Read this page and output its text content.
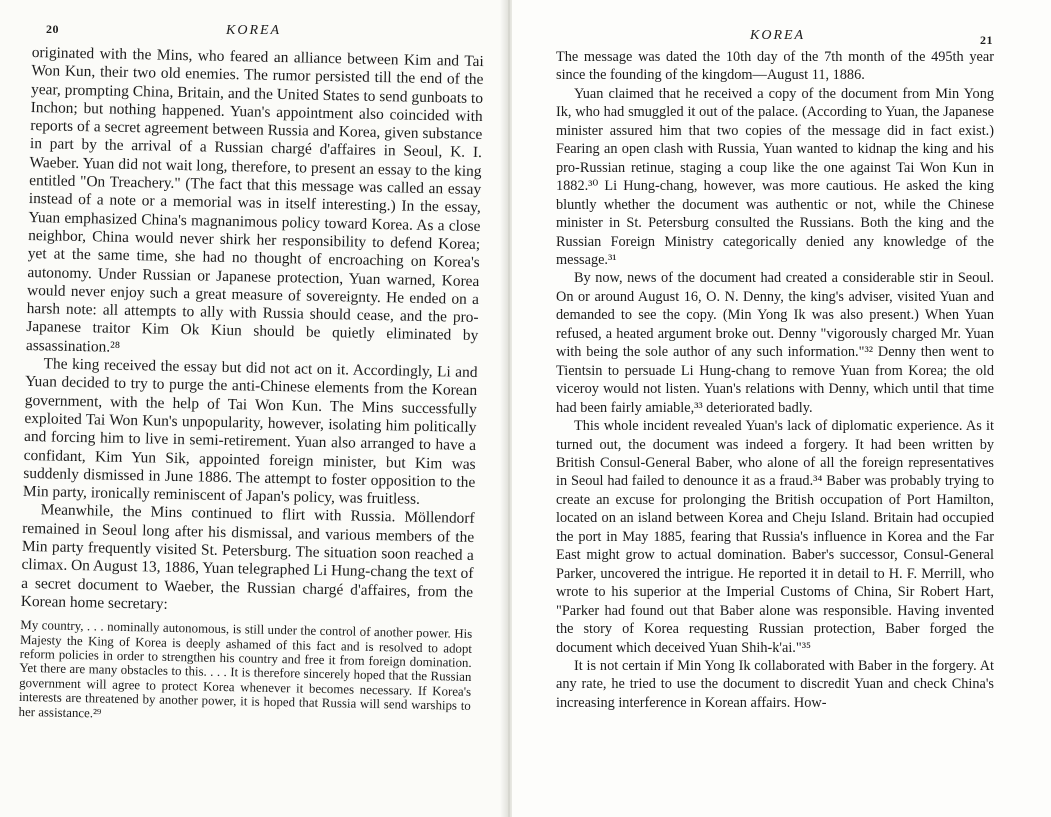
20	KOREA

originated with the Mins, who feared an alliance between Kim and Tai Won Kun, their two old enemies. The rumor persisted till the end of the year, prompting China, Britain, and the United States to send gunboats to Inchon; but nothing happened. Yuan's appointment also coincided with reports of a secret agreement between Russia and Korea, given substance in part by the arrival of a Russian chargé d'affaires in Seoul, K. I. Waeber. Yuan did not wait long, therefore, to present an essay to the king entitled "On Treachery." (The fact that this message was called an essay instead of a note or a memorial was in itself interesting.) In the essay, Yuan emphasized China's magnanimous policy toward Korea. As a close neighbor, China would never shirk her responsibility to defend Korea; yet at the same time, she had no thought of encroaching on Korea's autonomy. Under Russian or Japanese protection, Yuan warned, Korea would never enjoy such a great measure of sovereignty. He ended on a harsh note: all attempts to ally with Russia should cease, and the pro-Japanese traitor Kim Ok Kiun should be quietly eliminated by assassination.²⁸

The king received the essay but did not act on it. Accordingly, Li and Yuan decided to try to purge the anti-Chinese elements from the Korean government, with the help of Tai Won Kun. The Mins successfully exploited Tai Won Kun's unpopularity, however, isolating him politically and forcing him to live in semi-retirement. Yuan also arranged to have a confidant, Kim Yun Sik, appointed foreign minister, but Kim was suddenly dismissed in June 1886. The attempt to foster opposition to the Min party, ironically reminiscent of Japan's policy, was fruitless.

Meanwhile, the Mins continued to flirt with Russia. Möllendorf remained in Seoul long after his dismissal, and various members of the Min party frequently visited St. Petersburg. The situation soon reached a climax. On August 13, 1886, Yuan telegraphed Li Hung-chang the text of a secret document to Waeber, the Russian chargé d'affaires, from the Korean home secretary:

My country, . . . nominally autonomous, is still under the control of another power. His Majesty the King of Korea is deeply ashamed of this fact and is resolved to adopt reform policies in order to strengthen his country and free it from foreign domination. Yet there are many obstacles to this. . . . It is therefore sincerely hoped that the Russian government will agree to protect Korea whenever it becomes necessary. If Korea's interests are threatened by another power, it is hoped that Russia will send warships to her assistance.²⁹

KOREA	21

The message was dated the 10th day of the 7th month of the 495th year since the founding of the kingdom—August 11, 1886.

Yuan claimed that he received a copy of the document from Min Yong Ik, who had smuggled it out of the palace. (According to Yuan, the Japanese minister assured him that two copies of the message did in fact exist.) Fearing an open clash with Russia, Yuan wanted to kidnap the king and his pro-Russian retinue, staging a coup like the one against Tai Won Kun in 1882.³⁰ Li Hung-chang, however, was more cautious. He asked the king bluntly whether the document was authentic or not, while the Chinese minister in St. Petersburg consulted the Russians. Both the king and the Russian Foreign Ministry categorically denied any knowledge of the message.³¹

By now, news of the document had created a considerable stir in Seoul. On or around August 16, O. N. Denny, the king's adviser, visited Yuan and demanded to see the copy. (Min Yong Ik was also present.) When Yuan refused, a heated argument broke out. Denny "vigorously charged Mr. Yuan with being the sole author of any such information."³² Denny then went to Tientsin to persuade Li Hung-chang to remove Yuan from Korea; the old viceroy would not listen. Yuan's relations with Denny, which until that time had been fairly amiable,³³ deteriorated badly.

This whole incident revealed Yuan's lack of diplomatic experience. As it turned out, the document was indeed a forgery. It had been written by British Consul-General Baber, who alone of all the foreign representatives in Seoul had failed to denounce it as a fraud.³⁴ Baber was probably trying to create an excuse for prolonging the British occupation of Port Hamilton, located on an island between Korea and Cheju Island. Britain had occupied the port in May 1885, fearing that Russia's influence in Korea and the Far East might grow to actual domination. Baber's successor, Consul-General Parker, uncovered the intrigue. He reported it in detail to H. F. Merrill, who wrote to his superior at the Imperial Customs of China, Sir Robert Hart, "Parker had found out that Baber alone was responsible. Having invented the story of Korea requesting Russian protection, Baber forged the document which deceived Yuan Shih-k'ai."³⁵

It is not certain if Min Yong Ik collaborated with Baber in the forgery. At any rate, he tried to use the document to discredit Yuan and check China's increasing interference in Korean affairs. How-
